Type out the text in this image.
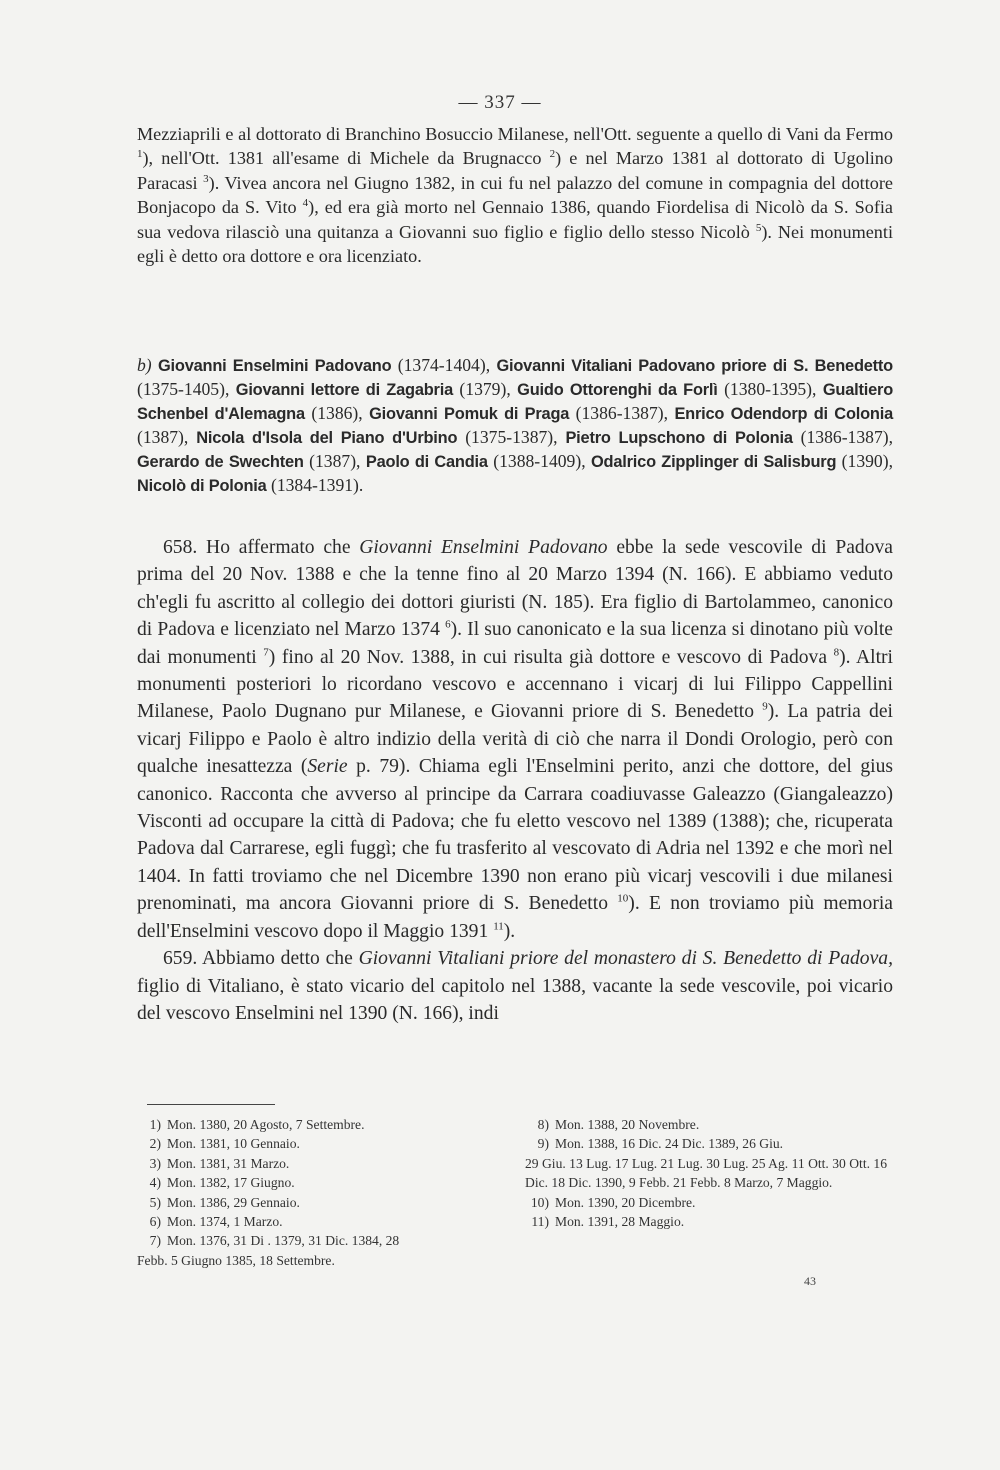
— 337 —

Mezziaprili e al dottorato di Branchino Bosuccio Milanese, nell'Ott. seguente a quello di Vani da Fermo $^1$), nell'Ott. 1381 all'esame di Michele da Brugnacco $^2$) e nel Marzo 1381 al dottorato di Ugolino Paracasi $^3$). Vivea ancora nel Giugno 1382, in cui fu nel palazzo del comune in compagnia del dottore Bonjacopo da S. Vito $^4$), ed era già morto nel Gennaio 1386, quando Fiordelisa di Nicolò da S. Sofia sua vedova rilasciò una quitanza a Giovanni suo figlio e figlio dello stesso Nicolò $^5$). Nei monumenti egli è detto ora dottore e ora licenziato.

b) Giovanni Enselmini Padovano (1374-1404), Giovanni Vitaliani Padovano priore di S. Benedetto (1375-1405), Giovanni lettore di Zagabria (1379), Guido Ottorenghi da Forlì (1380-1395), Gualtiero Schenbel d'Alemagna (1386), Giovanni Pomuk di Praga (1386-1387), Enrico Odendorp di Colonia (1387), Nicola d'Isola del Piano d'Urbino (1375-1387), Pietro Lupschono di Polonia (1386-1387), Gerardo de Swechten (1387), Paolo di Candia (1388-1409), Odalrico Zipplinger di Salisburg (1390), Nicolò di Polonia (1384-1391).

658. Ho affermato che Giovanni Enselmini Padovano ebbe la sede vescovile di Padova prima del 20 Nov. 1388 e che la tenne fino al 20 Marzo 1394 (N. 166). E abbiamo veduto ch'egli fu ascritto al collegio dei dottori giuristi (N. 185). Era figlio di Bartolammeo, canonico di Padova e licenziato nel Marzo 1374 $^6$). Il suo canonicato e la sua licenza si dinotano più volte dai monumenti $^7$) fino al 20 Nov. 1388, in cui risulta già dottore e vescovo di Padova $^8$). Altri monumenti posteriori lo ricordano vescovo e accennano i vicarj di lui Filippo Cappellini Milanese, Paolo Dugnano pur Milanese, e Giovanni priore di S. Benedetto $^9$). La patria dei vicarj Filippo e Paolo è altro indizio della verità di ciò che narra il Dondi Orologio, però con qualche inesattezza (Serie p. 79). Chiama egli l'Enselmini perito, anzi che dottore, del gius canonico. Racconta che avverso al principe da Carrara coadiuvasse Galeazzo (Giangaleazzo) Visconti ad occupare la città di Padova; che fu eletto vescovo nel 1389 (1388); che, ricuperata Padova dal Carrarese, egli fuggì; che fu trasferito al vescovato di Adria nel 1392 e che morì nel 1404. In fatti troviamo che nel Dicembre 1390 non erano più vicarj vescovili i due milanesi prenominati, ma ancora Giovanni priore di S. Benedetto $^{10}$). E non troviamo più memoria dell'Enselmini vescovo dopo il Maggio 1391 $^{11}$).

659. Abbiamo detto che Giovanni Vitaliani priore del monastero di S. Benedetto di Padova, figlio di Vitaliano, è stato vicario del capitolo nel 1388, vacante la sede vescovile, poi vicario del vescovo Enselmini nel 1390 (N. 166), indi

1) Mon. 1380, 20 Agosto, 7 Settembre.
2) Mon. 1381, 10 Gennaio.
3) Mon. 1381, 31 Marzo.
4) Mon. 1382, 17 Giugno.
5) Mon. 1386, 29 Gennaio.
6) Mon. 1374, 1 Marzo.
7) Mon. 1376, 31 Di . 1379, 31 Dic. 1384, 28
Febb. 5 Giugno 1385, 18 Settembre.
8) Mon. 1388, 20 Novembre.
9) Mon. 1388, 16 Dic. 24 Dic. 1389, 26 Giu.
29 Giu. 13 Lug. 17 Lug. 21 Lug. 30 Lug. 25 Ag. 11 Ott. 30 Ott. 16 Dic. 18 Dic. 1390, 9 Febb. 21 Febb. 8 Marzo, 7 Maggio.
10) Mon. 1390, 20 Dicembre.
11) Mon. 1391, 28 Maggio.
43
